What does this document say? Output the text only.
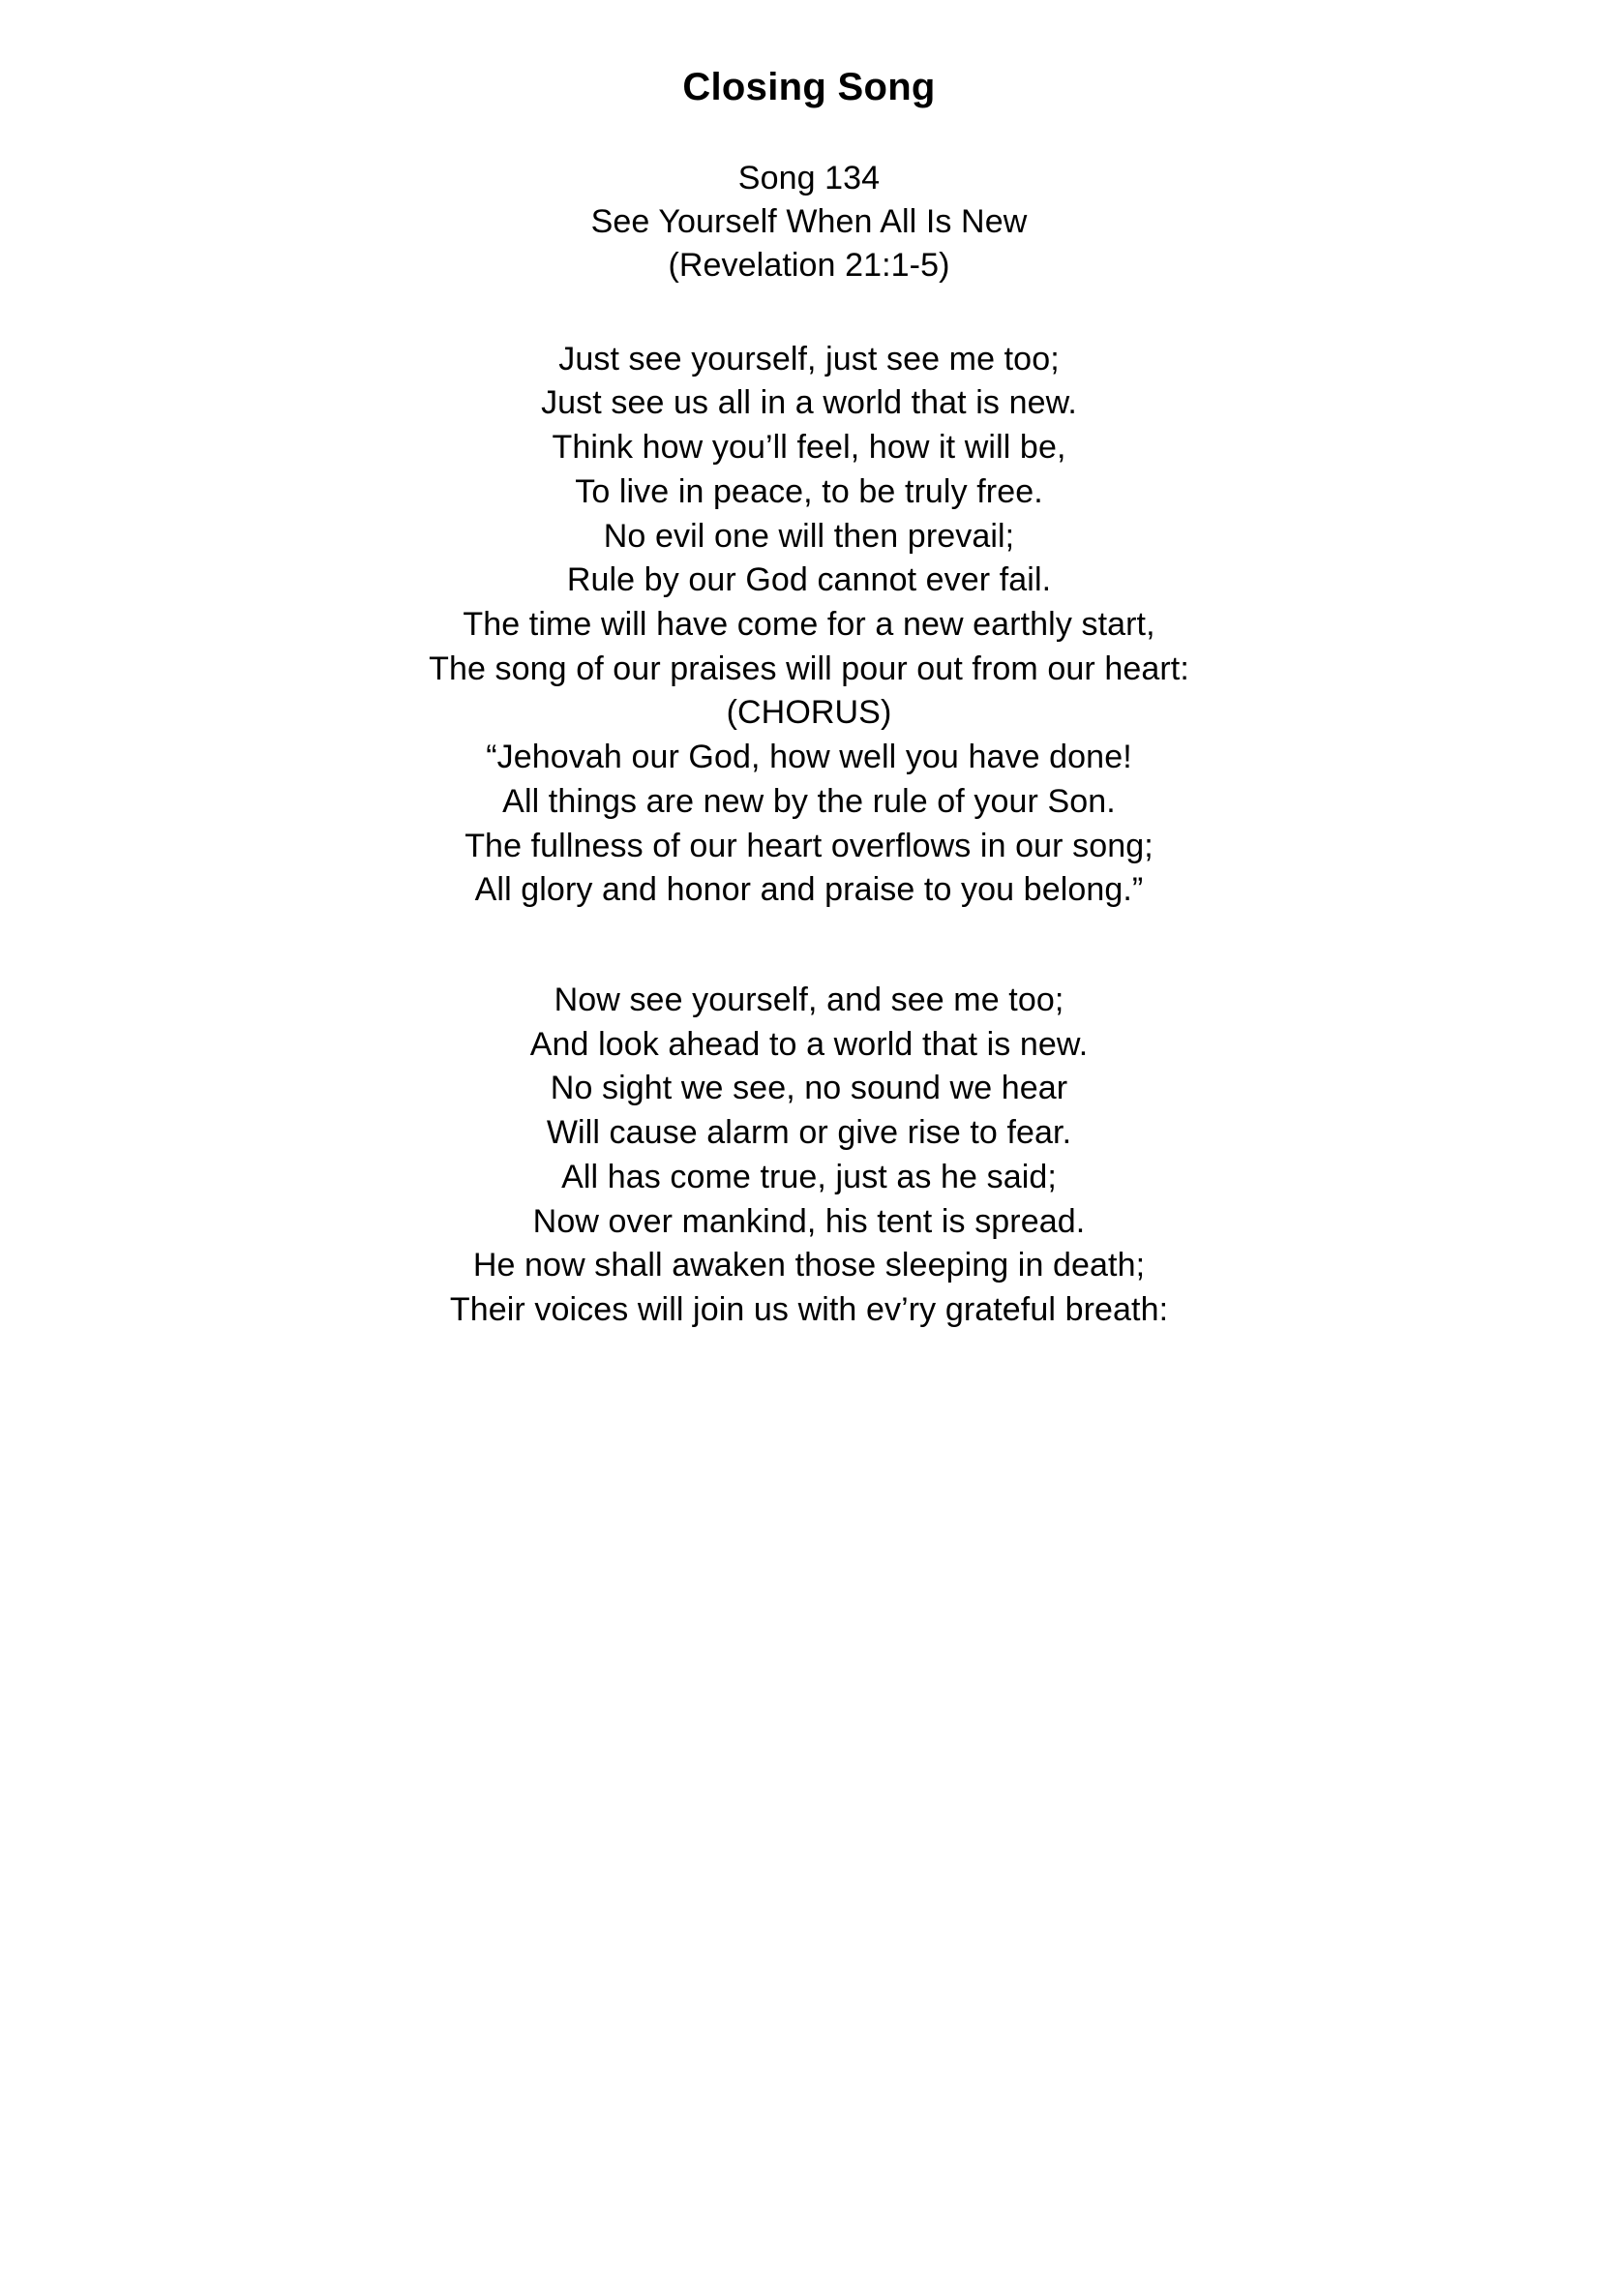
Closing Song
Song 134
See Yourself When All Is New
(Revelation 21:1-5)
Just see yourself, just see me too;
Just see us all in a world that is new.
Think how you’ll feel, how it will be,
To live in peace, to be truly free.
No evil one will then prevail;
Rule by our God cannot ever fail.
The time will have come for a new earthly start,
The song of our praises will pour out from our heart:
(CHORUS)
“Jehovah our God, how well you have done!
All things are new by the rule of your Son.
The fullness of our heart overflows in our song;
All glory and honor and praise to you belong.”
Now see yourself, and see me too;
And look ahead to a world that is new.
No sight we see, no sound we hear
Will cause alarm or give rise to fear.
All has come true, just as he said;
Now over mankind, his tent is spread.
He now shall awaken those sleeping in death;
Their voices will join us with ev’ry grateful breath:
